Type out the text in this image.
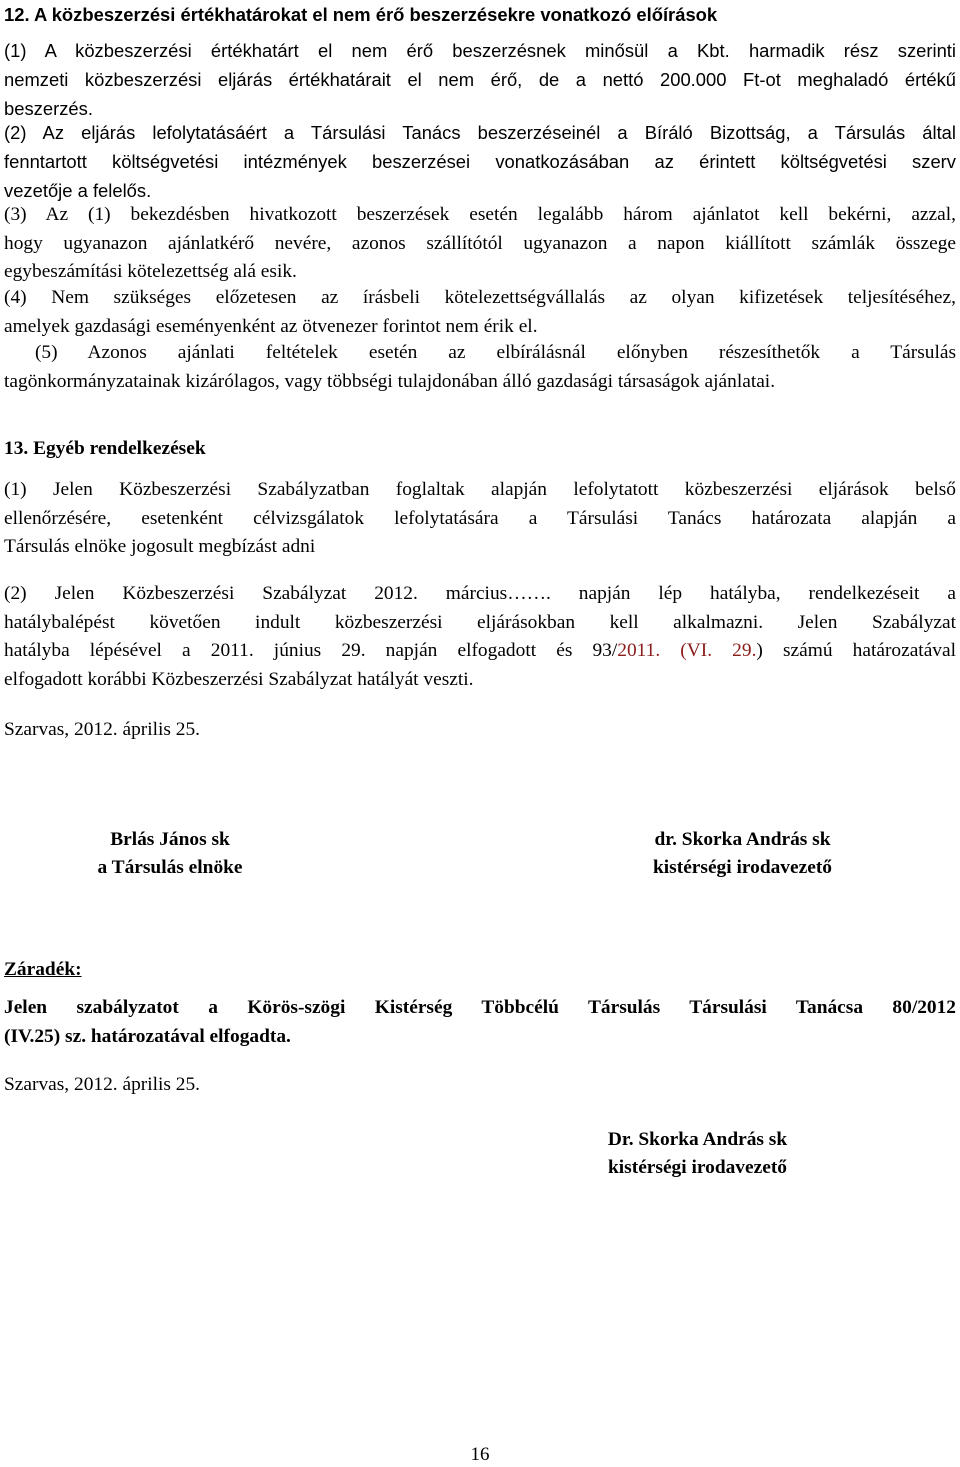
12. A közbeszerzési értékhatárokat el nem érő beszerzésekre vonatkozó előírások
(1) A közbeszerzési értékhatárt el nem érő beszerzésnek minősül a Kbt. harmadik rész szerinti
nemzeti közbeszerzési eljárás értékhatárait el nem érő, de a nettó 200.000 Ft-ot meghaladó értékű
beszerzés.
(2) Az eljárás lefolytatásáért a Társulási Tanács beszerzéseinél a Bíráló Bizottság, a Társulás által
fenntartott költségvetési intézmények beszerzései vonatkozásában az érintett költségvetési szerv
vezetője a felelős.
(3) Az (1) bekezdésben hivatkozott beszerzések esetén legalább három ajánlatot kell bekérni, azzal,
hogy ugyanazon ajánlatkérő nevére, azonos szállítótól ugyanazon a napon kiállított számlák összege
egybeszámítási kötelezettség alá esik.
(4) Nem szükséges előzetesen az írásbeli kötelezettségvállalás az olyan kifizetések teljesítéséhez,
amelyek gazdasági eseményenként az ötvenezer forintot nem érik el.
(5) Azonos ajánlati feltételek esetén az elbírálásnál előnyben részesíthetők a Társulás
tagönkormányzatainak kizárólagos, vagy többségi tulajdonában álló gazdasági társaságok ajánlatai.
13. Egyéb rendelkezések
(1) Jelen Közbeszerzési Szabályzatban foglaltak alapján lefolytatott közbeszerzési eljárások belső
ellenőrzésére, esetenként célvizsgálatok lefolytatására a Társulási Tanács határozata alapján a
Társulás elnöke jogosult megbízást adni
(2) Jelen Közbeszerzési Szabályzat 2012. március……. napján lép hatályba, rendelkezéseit a
hatálybalépést követően indult közbeszerzési eljárásokban kell alkalmazni. Jelen Szabályzat
hatályba lépésével a 2011. június 29. napján elfogadott és 93/2011. (VI. 29.) számú határozatával
elfogadott korábbi Közbeszerzési Szabályzat hatályát veszti.
Szarvas, 2012. április 25.
Brlás János sk
a Társulás elnöke
dr. Skorka András sk
kistérségi irodavezető
Záradék:
Jelen szabályzatot a Körös-szögi Kistérség Többcélú Társulás Társulási Tanácsa 80/2012
(IV.25) sz. határozatával elfogadta.
Szarvas, 2012. április 25.
Dr. Skorka András sk
kistérségi irodavezető
16
